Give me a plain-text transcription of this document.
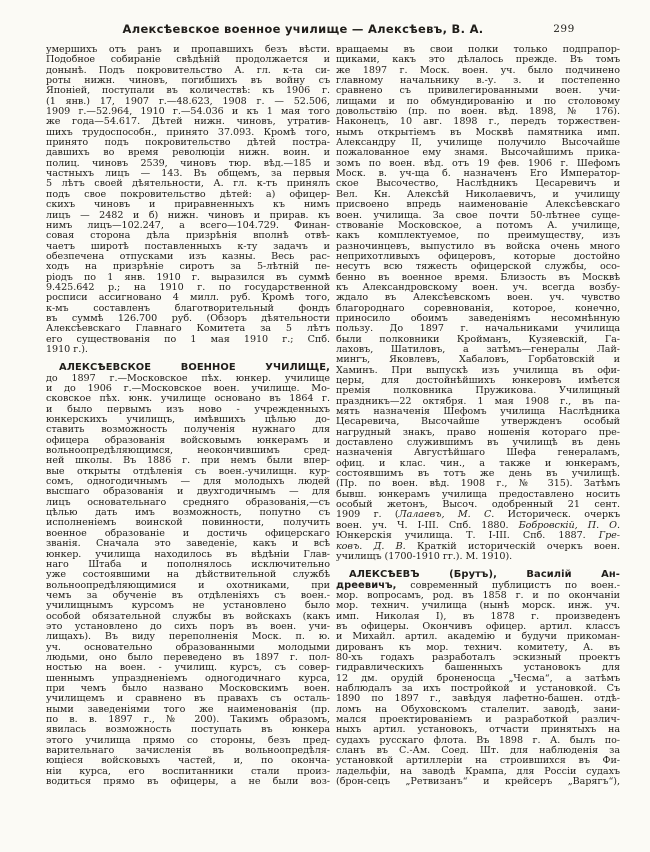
Алексѣевское военное училище — Алексѣевъ, В. А.	299
умершихъ отъ ранъ и пропавшихъ безъ вѣсти.
Подобное собираніе свѣдѣній продолжается и
донынѣ. Подъ покровительство А. гл. к-та си-
роты нижн. чиновъ, погибшихъ въ войну съ
Японіей, поступали въ количествѣ: къ 1906 г.
(1 янв.) 17, 1907 г.—48.623, 1908 г. — 52.506,
1909 г.—52.964, 1910 г.—54.036 и къ 1 мая того
же года—54.617. Дѣтей нижн. чиновъ, утратив-
шихъ трудоспособн., принято 37.093. Кромѣ того,
принято подъ покровительство дѣтей постра-
давшихъ во время революціи нижн. воин. и
полиц. чиновъ 2539, чиновъ тюр. вѣд.—185 и
частныхъ лицъ — 143. Въ общемъ, за первыя
5 лѣтъ своей дѣятельности, А. гл. к-тъ принялъ
подъ свое покровительство дѣтей: а) офицер-
скихъ чиновъ и приравненныхъ къ нимъ
лицъ — 2482 и б) нижн. чиновъ и прирав. къ
нимъ лицъ—102.247, а всего—104.729. Финан-
совая сторона дѣла призрѣнія вполнѣ отвѣ-
чаетъ широтѣ поставленныхъ к-ту задачъ и
обезпечена отпусками изъ казны. Весь рас-
ходъ на призрѣніе сиротъ за 5-лѣтній пе-
ріодъ по 1 янв. 1910 г. выразился въ суммѣ
9.425.642 р.; на 1910 г. по государственной
росписи ассигновано 4 милл. руб. Кромѣ того,
к-мъ составленъ благотворительный фондъ
въ суммѣ 126.700 руб. (Обзоръ дѣятельности
Алексѣевскаго Главнаго Комитета за 5 лѣтъ
его существованія по 1 мая 1910 г.; Спб.
1910 г.).
АЛЕКСѢЕВСКОЕ ВОЕННОЕ УЧИЛИЩЕ,
до 1897 г.—Московское пѣх. юнкер. училище
и до 1906 г.—Московское воен. училище. Мо-
сковское пѣх. юнк. училище основано въ 1864 г.
и было первымъ изъ ново - учрежденныхъ
юнкерскихъ училищъ, имѣвшихъ цѣлью до-
ставить возможность полученія нужнаго для
офицера образованія войсковымъ юнкерамъ и
вольноопредѣляющимся, неокончившимъ сред-
ней школы. Въ 1886 г. при немъ были впер-
вые открыты отдѣленія съ воен.-училищн. кур-
сомъ, одногодичнымъ — для молодыхъ людей
высшаго образованія и двухгодичнымъ — для
лицъ основательнаго средняго образованія,—съ
цѣлью дать имъ возможность, попутно съ
исполненіемъ воинской повинности, получить
военное образованіе и достичь офицерскаго
званія. Сначала это заведеніе, какъ и всѣ
юнкер. училища находилось въ вѣдѣніи Глав-
наго Штаба и пополнялось исключительно
уже состоявшими на дѣйствительной службѣ
вольноопредѣляющимися и охотниками, при
чемъ за обученіе въ отдѣленіяхъ съ воен.-
училищнымъ курсомъ не установлено было
особой обязательной службы въ войскахъ (какъ
это установлено до сихъ поръ въ воен. учи-
лищахъ). Въ виду переполненія Моск. п. ю.
уч. основательно образованными молодыми
людьми, оно было переведено въ 1897 г. пол-
ностью на воен. - училищ. курсъ, съ совер-
шеннымъ упраздненіемъ одногодичнаго курса,
при чемъ было названо Московскимъ воен.
училищемъ и сравнено въ правахъ съ осталь-
ными заведеніями того же наименованія (пр.
по в. в. 1897 г., № 200). Такимъ образомъ,
явилась возможность поступать въ юнкера
этого училища прямо со стороны, безъ пред-
варительнаго зачисленія въ вольноопредѣля-
ющіеся войсковыхъ частей, и, по оконча-
ніи курса, его воспитанники стали произ-
водиться прямо въ офицеры, а не были воз-
вращаемы въ свои полки только подпрапор-
щиками, какъ это дѣлалось прежде. Въ томъ
же 1897 г. Моск. воен. уч. было подчинено
главному начальнику в.-у. з. и постепенно
сравнено съ привилегированными воен. учи-
лищами и по обмундированію и по столовому
довольствію (пр. по воен. вѣд. 1898, № 176).
Наконецъ, 10 авг. 1898 г., передъ торжествен-
нымъ открытіемъ въ Москвѣ памятника имп.
Александру II, училище получило Высочайше
пожалованное ему знамя. Высочайшимъ прика-
зомъ по воен. вѣд. отъ 19 фев. 1906 г. Шефомъ
Моск. в. уч-ща б. назначенъ Его Император-
ское Высочество, Наслѣдникъ Цесаревичъ и
Вел. Кн. Алексѣй Николаевичъ, и училищу
присвоено впредь наименованіе Алексѣевскаго
воен. училища. За свое почти 50-лѣтнее суще-
ствованіе Московское, а потомъ А. училище,
какъ комплектуемое, по преимуществу, изъ
разночинцевъ, выпустило въ войска очень много
неприхотливыхъ офицеровъ, которые достойно
несутъ всю тяжесть офицерской службы, осо-
бенно въ военное время. Близость въ Москвѣ
къ Александровскому воен. уч. всегда возбу-
ждало въ Алексѣевскомъ воен. уч. чувство
благороднаго соревнованія, которое, конечно,
приносило обоимъ заведеніямъ несомнѣнную
пользу. До 1897 г. начальниками училища
были полковники Кройманъ, Кузяевскій, Га-
лаховъ, Шатиловъ, а затѣмъ—генералы Лай-
мингъ, Яковлевъ, Хабаловъ, Горбатовскій и
Хаминъ. При выпускѣ изъ училища въ офи-
церы, для достойнѣйшихъ юнкеровъ имѣется
премія полковника Пружикова. Училищный
праздникъ—22 октября. 1 мая 1908 г., въ па-
мять назначенія Шефомъ училища Наслѣдника
Цесаревича, Высочайше утвержденъ особый
нагрудный знакъ, право ношенія котораго пре-
доставлено служившимъ въ училищѣ въ день
назначенія Августѣйшаго Шефа генераламъ,
офиц. и клас. чин., а также и юнкерамъ,
состоявшимъ въ тотъ же день въ училищѣ.
(Пр. по воен. вѣд. 1908 г., № 315). Затѣмъ
бывш. юнкерамъ училища предоставлено носить
особый жетонъ, Высоч. одобренный 21 сент.
1909 г. (Лалаевъ, М. С. Историческ. очеркъ
воен. уч. Ч. I-III. Спб. 1880. Бобровскій, П. О.
Юнкерскія училища. Т. I-III. Спб. 1887. Гре-
ковъ. Д. В. Краткій историческій очеркъ воен.
училищъ (1700-1910 гг.). М. 1910).
АЛЕКСѢЕВЪ (Брутъ), Василій Ан-
дреевичъ, современный публицистъ по воен.-
мор. вопросамъ, род. въ 1858 г. и по окончаніи
мор. технич. училища (нынѣ морск. инж. уч.
имп. Николая I), въ 1878 г. произведенъ
въ офицеры. Окончивъ офицер. артил. классъ
и Михайл. артил. академію и будучи прикоман-
дированъ къ мор. технич. комитету, А. въ
80-хъ годахъ разработалъ эскизный проектъ
гидравлическихъ башенныхъ установокъ для
12 дм. орудій броненосца „Чесма“, а затѣмъ
наблюдалъ за ихъ постройкой и установкой. Съ
1890 по 1897 г., завѣдуя лафетно-башен. отдѣ-
ломъ на Обуховскомъ сталелит. заводѣ, зани-
мался проектированіемъ и разработкой различ-
ныхъ артил. установокъ, отчасти принятыхъ на
судахъ русскаго флота. Въ 1898 г. А. былъ по-
сланъ въ С.-Ам. Соед. Шт. для наблюденія за
установкой артиллеріи на строившихся въ Фи-
ладельфіи, на заводѣ Крампа, для Россіи судахъ
(брон-сецъ „Ретвизанъ“ и крейсеръ „Варягъ“),
